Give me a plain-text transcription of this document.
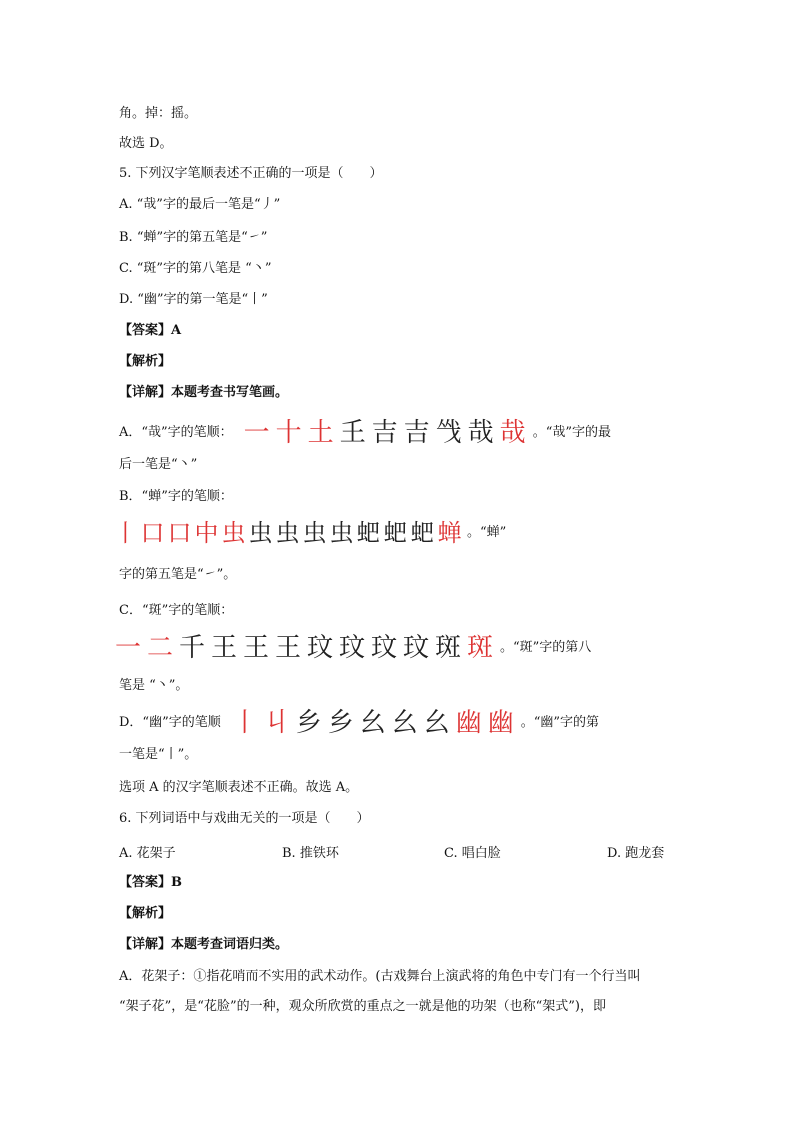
角。掉：摇。
故选 D。
5. 下列汉字笔顺表述不正确的一项是（　　）
A. “哉”字的最后一笔是“丿”
B. “蝉”字的第五笔是“㇀”
C. “斑”字的第八笔是 “丶”
D. “幽”字的第一笔是“丨”
【答案】A
【解析】
【详解】本题考查书写笔画。
A．“哉”字的笔顺： 一 十 土 𡈼 吉 吉 㦰 哉 哉 。“哉”字的最
后一笔是“丶”
B．“蝉”字的笔顺：
丨 口 口 中 虫 虫 虫 虫 虫 蚆 蚆 蚆 蝉 。“蝉”
字的第五笔是“㇀”。
C．“斑”字的笔顺：
一 二 千 王 王 王 玟 玟 玟 玟 斑 斑 。“斑”字的第八
笔是 “丶”。
D．“幽”字的笔顺 丨 丩 乡 乡 幺 幺 幺 幽 幽 。“幽”字的第
一笔是“丨”。
选项 A 的汉字笔顺表述不正确。故选 A。
6. 下列词语中与戏曲无关的一项是（　　）
A. 花架子	B. 推铁环	C. 唱白脸	D. 跑龙套
【答案】B
【解析】
【详解】本题考查词语归类。
A．花架子：①指花哨而不实用的武术动作。(古戏舞台上演武将的角色中专门有一个行当叫
“架子花”，是“花脸”的一种，观众所欣赏的重点之一就是他的功架（也称“架式”)，即
